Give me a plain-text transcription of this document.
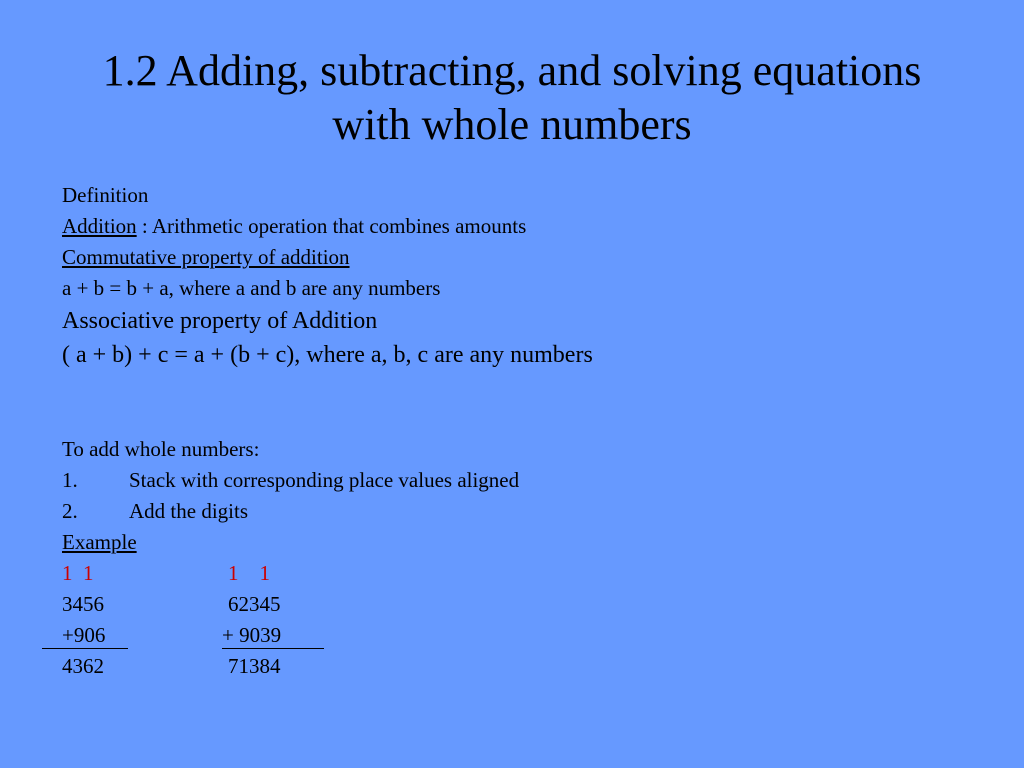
1.2 Adding, subtracting, and solving equations
with whole numbers
Definition
Addition : Arithmetic operation that combines amounts
Commutative property of addition
a + b = b + a, where a and b are any numbers
Associative property of Addition
( a + b) + c = a + (b + c), where a, b, c are any numbers
To add whole numbers:
1. Stack with corresponding place values aligned
2. Add the digits
Example
1  1	1    1
3456	62345
+906	+ 9039
4362	71384
